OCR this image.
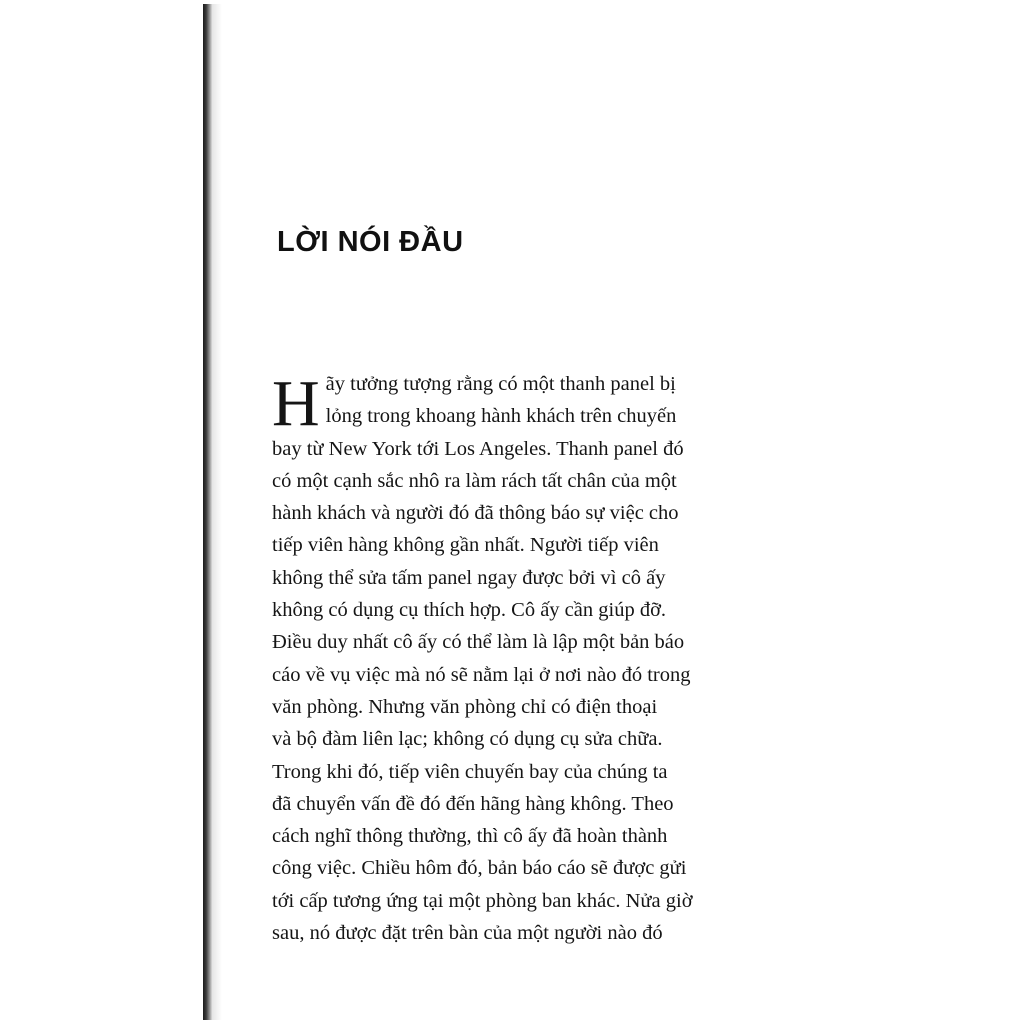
LỜI NÓI ĐẦU
H ãy tưởng tượng rằng có một thanh panel bị
lỏng trong khoang hành khách trên chuyến
bay từ New York tới Los Angeles. Thanh panel đó
có một cạnh sắc nhô ra làm rách tất chân của một
hành khách và người đó đã thông báo sự việc cho
tiếp viên hàng không gần nhất. Người tiếp viên
không thể sửa tấm panel ngay được bởi vì cô ấy
không có dụng cụ thích hợp. Cô ấy cần giúp đỡ.
Điều duy nhất cô ấy có thể làm là lập một bản báo
cáo về vụ việc mà nó sẽ nằm lại ở nơi nào đó trong
văn phòng. Nhưng văn phòng chỉ có điện thoại
và bộ đàm liên lạc; không có dụng cụ sửa chữa.
Trong khi đó, tiếp viên chuyến bay của chúng ta
đã chuyển vấn đề đó đến hãng hàng không. Theo
cách nghĩ thông thường, thì cô ấy đã hoàn thành
công việc. Chiều hôm đó, bản báo cáo sẽ được gửi
tới cấp tương ứng tại một phòng ban khác. Nửa giờ
sau, nó được đặt trên bàn của một người nào đó
